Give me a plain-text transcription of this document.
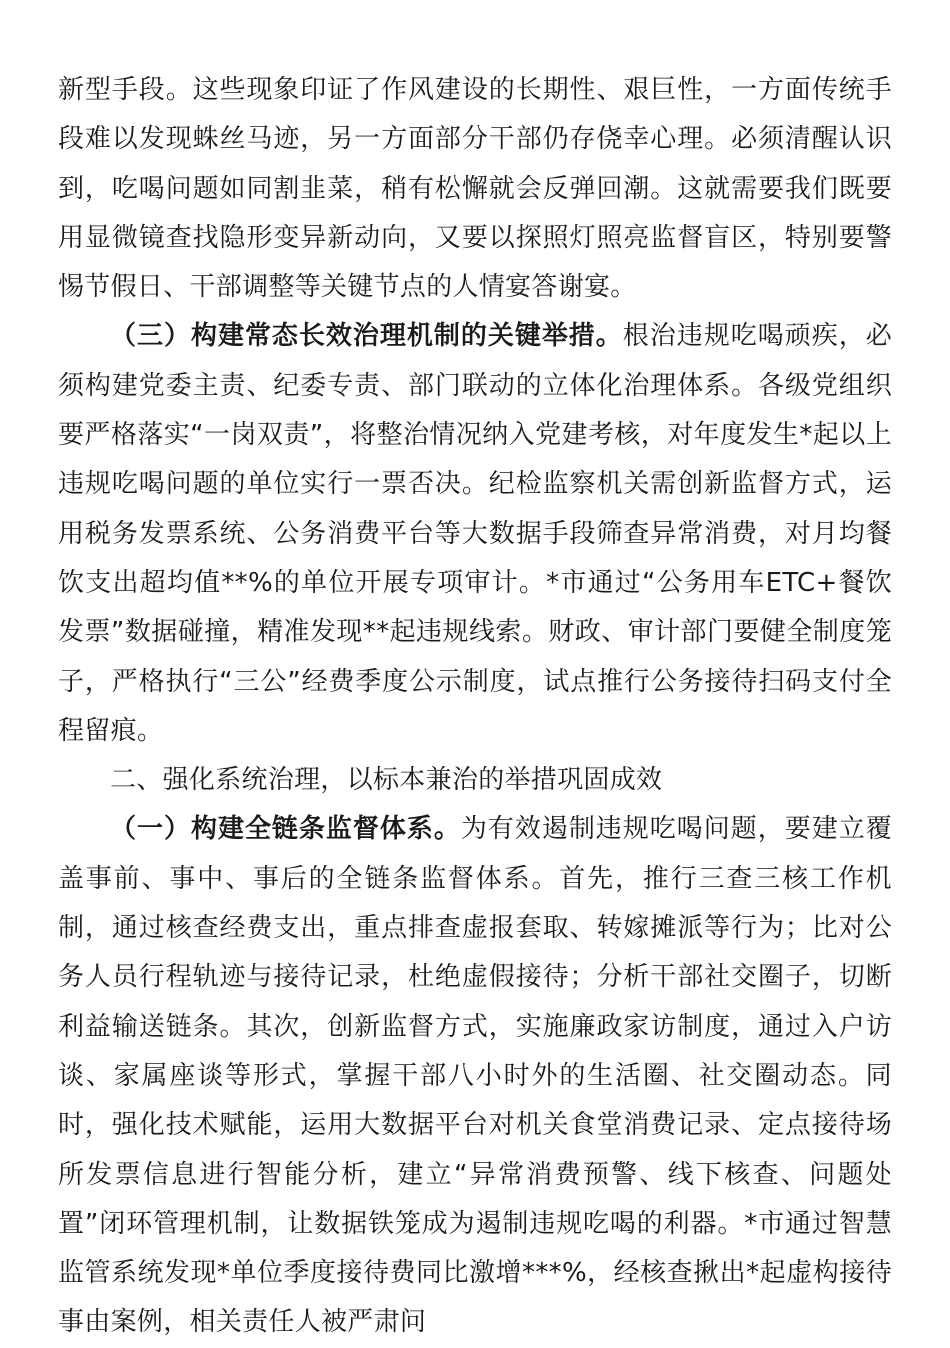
新型手段。这些现象印证了作风建设的长期性、艰巨性，一方面传统手段难以发现蛛丝马迹，另一方面部分干部仍存侥幸心理。必须清醒认识到，吃喝问题如同割韭菜，稍有松懈就会反弹回潮。这就需要我们既要用显微镜查找隐形变异新动向，又要以探照灯照亮监督盲区，特别要警惕节假日、干部调整等关键节点的人情宴答谢宴。

（三）构建常态长效治理机制的关键举措。根治违规吃喝顽疾，必须构建党委主责、纪委专责、部门联动的立体化治理体系。各级党组织要严格落实“一岗双责”，将整治情况纳入党建考核，对年度发生*起以上违规吃喝问题的单位实行一票否决。纪检监察机关需创新监督方式，运用税务发票系统、公务消费平台等大数据手段筛查异常消费，对月均餐饮支出超均值**%的单位开展专项审计。*市通过“公务用车ETC+餐饮发票”数据碰撞，精准发现**起违规线索。财政、审计部门要健全制度笼子，严格执行“三公”经费季度公示制度，试点推行公务接待扫码支付全程留痕。

二、强化系统治理，以标本兼治的举措巩固成效

（一）构建全链条监督体系。为有效遏制违规吃喝问题，要建立覆盖事前、事中、事后的全链条监督体系。首先，推行三查三核工作机制，通过核查经费支出，重点排查虚报套取、转嫁摊派等行为；比对公务人员行程轨迹与接待记录，杜绝虚假接待；分析干部社交圈子，切断利益输送链条。其次，创新监督方式，实施廉政家访制度，通过入户访谈、家属座谈等形式，掌握干部八小时外的生活圈、社交圈动态。同时，强化技术赋能，运用大数据平台对机关食堂消费记录、定点接待场所发票信息进行智能分析，建立“异常消费预警、线下核查、问题处置”闭环管理机制，让数据铁笼成为遏制违规吃喝的利器。*市通过智慧监管系统发现*单位季度接待费同比激增***%，经核查揪出*起虚构接待事由案例，相关责任人被严肃问
